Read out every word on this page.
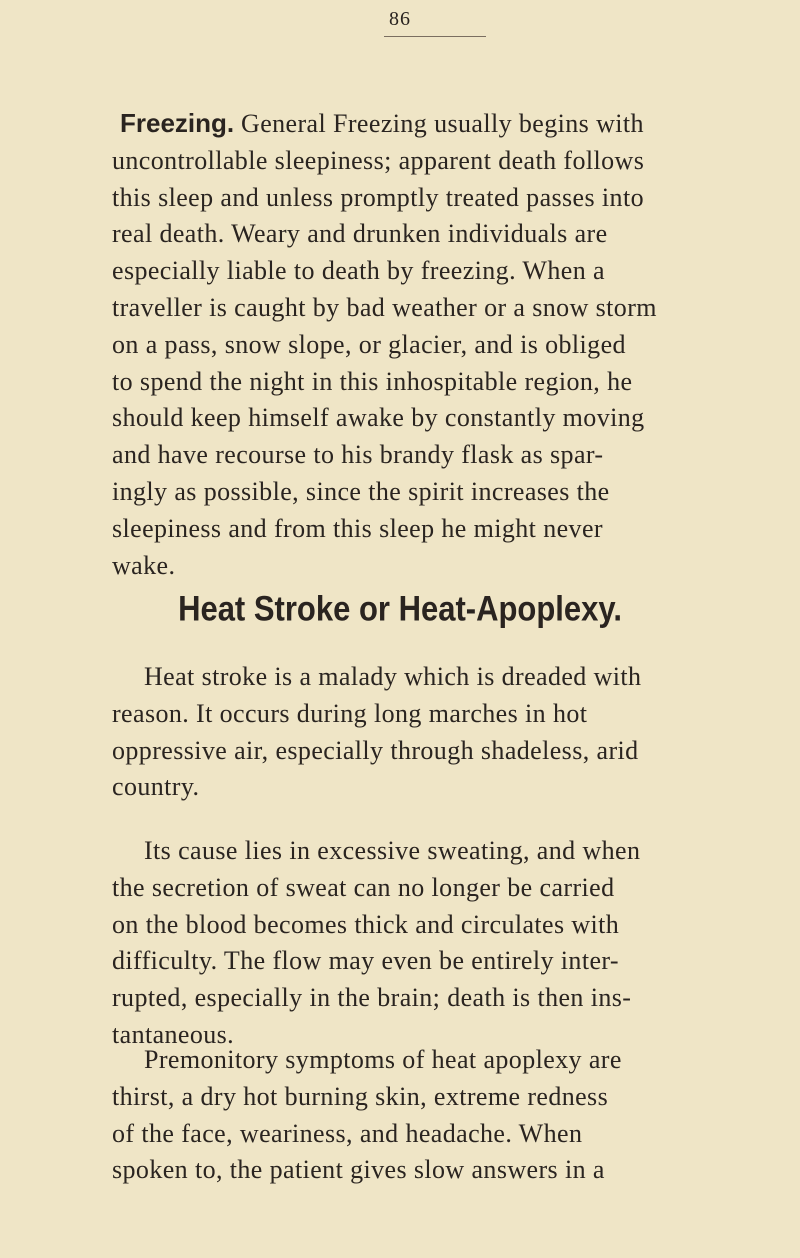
86
Freezing. General Freezing usually begins with
uncontrollable sleepiness; apparent death follows
this sleep and unless promptly treated passes into
real death. Weary and drunken individuals are
especially liable to death by freezing. When a
traveller is caught by bad weather or a snow storm
on a pass, snow slope, or glacier, and is obliged
to spend the night in this inhospitable region, he
should keep himself awake by constantly moving
and have recourse to his brandy flask as spar-
ingly as possible, since the spirit increases the
sleepiness and from this sleep he might never
wake.
Heat Stroke or Heat-Apoplexy.
Heat stroke is a malady which is dreaded with
reason. It occurs during long marches in hot
oppressive air, especially through shadeless, arid
country.
Its cause lies in excessive sweating, and when
the secretion of sweat can no longer be carried
on the blood becomes thick and circulates with
difficulty. The flow may even be entirely inter-
rupted, especially in the brain; death is then ins-
tantaneous.
Premonitory symptoms of heat apoplexy are
thirst, a dry hot burning skin, extreme redness
of the face, weariness, and headache. When
spoken to, the patient gives slow answers in a
